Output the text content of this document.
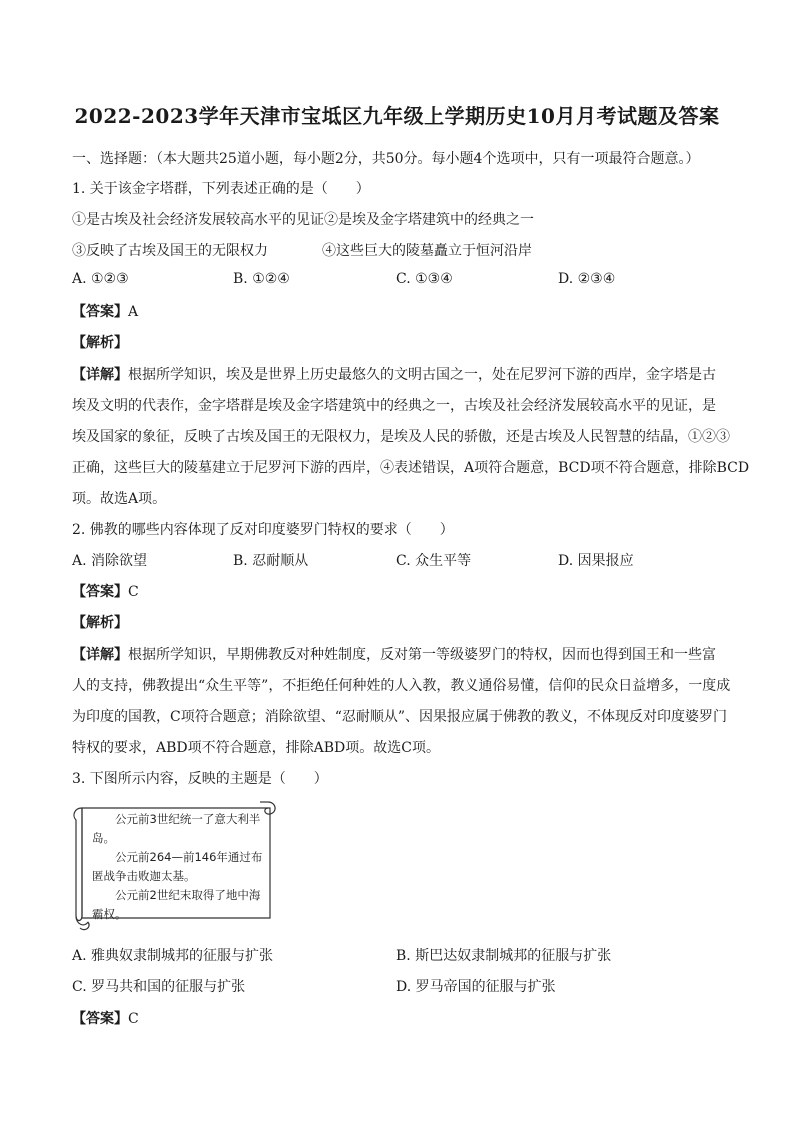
2022-2023学年天津市宝坻区九年级上学期历史10月月考试题及答案
一、选择题：（本大题共25道小题，每小题2分，共50分。每小题4个选项中，只有一项最符合题意。）
1. 关于该金字塔群，下列表述正确的是（　　）
①是古埃及社会经济发展较高水平的见证②是埃及金字塔建筑中的经典之一
③反映了古埃及国王的无限权力	④这些巨大的陵墓矗立于恒河沿岸
A. ①②③	B. ①②④	C. ①③④	D. ②③④
【答案】A
【解析】
【详解】根据所学知识，埃及是世界上历史最悠久的文明古国之一，处在尼罗河下游的西岸，金字塔是古
埃及文明的代表作，金字塔群是埃及金字塔建筑中的经典之一，古埃及社会经济发展较高水平的见证，是
埃及国家的象征，反映了古埃及国王的无限权力，是埃及人民的骄傲，还是古埃及人民智慧的结晶，①②③
正确，这些巨大的陵墓建立于尼罗河下游的西岸，④表述错误，A项符合题意，BCD项不符合题意，排除BCD
项。故选A项。
2. 佛教的哪些内容体现了反对印度婆罗门特权的要求（　　）
A. 消除欲望	B. 忍耐顺从	C. 众生平等	D. 因果报应
【答案】C
【解析】
【详解】根据所学知识，早期佛教反对种姓制度，反对第一等级婆罗门的特权，因而也得到国王和一些富
人的支持，佛教提出“众生平等”，不拒绝任何种姓的人入教，教义通俗易懂，信仰的民众日益增多，一度成
为印度的国教，C项符合题意；消除欲望、“忍耐顺从”、因果报应属于佛教的教义，不体现反对印度婆罗门
特权的要求，ABD项不符合题意，排除ABD项。故选C项。
3. 下图所示内容，反映的主题是（　　）

公元前3世纪统一了意大利半岛。

公元前264—前146年通过布匿战争击败迦太基。

公元前2世纪末取得了地中海霸权。

A. 雅典奴隶制城邦的征服与扩张	B. 斯巴达奴隶制城邦的征服与扩张
C. 罗马共和国的征服与扩张	D. 罗马帝国的征服与扩张
【答案】C
